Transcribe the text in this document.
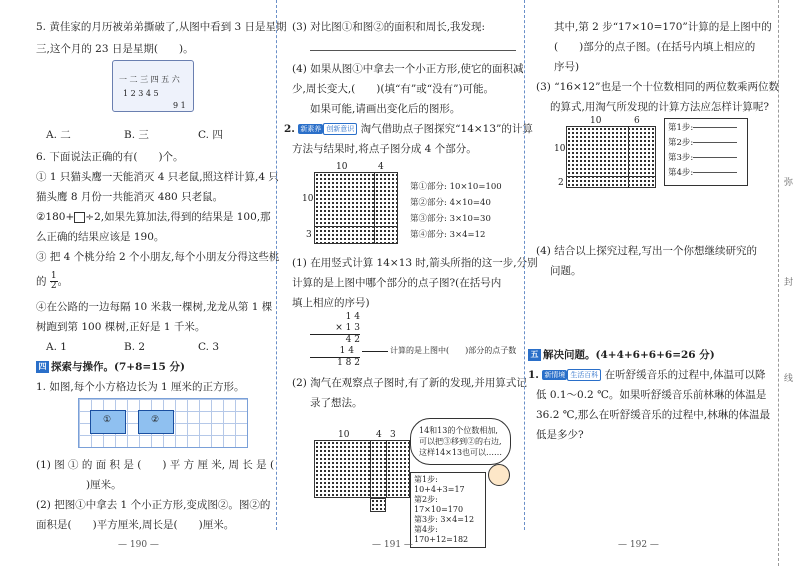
5. 黄佳家的月历被弟弟撕破了,从图中看到 3 日是星期
三,这个月的 23 日是星期(　　)。
一 二 三 四 五 六
1 2 3 4 5
9 1
A. 二	B. 三	C. 四
6. 下面说法正确的有(　　)个。
① 1 只猫头鹰一天能消灭 4 只老鼠,照这样计算,4 只
猫头鹰 8 月份一共能消灭 480 只老鼠。
②180+ ÷2,如果先算加法,得到的结果是 100,那
么正确的结果应该是 190。
③ 把 4 个桃分给 2 个小朋友,每个小朋友分得这些桃
的 $\frac{1}{2}$ 。
④在公路的一边每隔 10 米栽一棵树,龙龙从第 1 棵
树跑到第 100 棵树,正好是 1 千米。
A. 1	B. 2	C. 3
四 探索与操作。(7+8=15 分)
1. 如图,每个小方格边长为 1 厘米的正方形。
①	②
(1) 图 ① 的 面 积 是 (　　) 平 方 厘 米, 周 长 是 (
)厘米。
(2) 把图①中拿去 1 个小正方形,变成图②。图②的
面积是(　　)平方厘米,周长是(　　)厘米。
— 190 —
(3) 对比图①和图②的面积和周长,我发现:
(4) 如果从图①中拿去一个小正方形,使它的面积减
少,周长变大,(　　)(填“有”或“没有”)可能。
如果可能,请画出变化后的图形。
2. 新素养 创新意识 淘气借助点子图探究“14×13”的计算
方法与结果时,将点子图分成 4 个部分。
10	4
10
3
第①部分: 10×10=100
第②部分: 4×10=40
第③部分: 3×10=30
第④部分: 3×4=12
(1) 在用竖式计算 14×13 时,箭头所指的这一步,分别
计算的是上图中哪个部分的点子图?(在括号内
填上相应的序号)
1 4
× 1 3
4 2
1 4
1 8 2
计算的是上图中(　　)部分的点子数
(2) 淘气在观察点子图时,有了新的发现,并用算式记
录了想法。
10	4 3	14和13的个位数相加,
可以把③移到②的右边,
这样14×13也可以……
第1步: 10+4+3=17
第2步: 17×10=170
第3步: 3×4=12
第4步: 170+12=182
— 191 —
其中,第 2 步“17×10=170”计算的是上图中的
(　　)部分的点子图。(在括号内填上相应的
序号)
(3) “16×12”也是一个十位数相同的两位数乘两位数
的算式,用淘气所发现的计算方法应怎样计算呢?
10	6
10
2
第1步:
第2步:
第3步:
第4步:
(4) 结合以上探究过程,写出一个你想继续研究的
问题。
五 解决问题。(4+4+6+6+6=26 分)
1. 新情境 生活百科 在听舒缓音乐的过程中,体温可以降
低 0.1～0.2 ℃。如果听舒缓音乐前林琳的体温是
36.2 ℃,那么在听舒缓音乐的过程中,林琳的体温最
低是多少?
— 192 —
弥
封
线
